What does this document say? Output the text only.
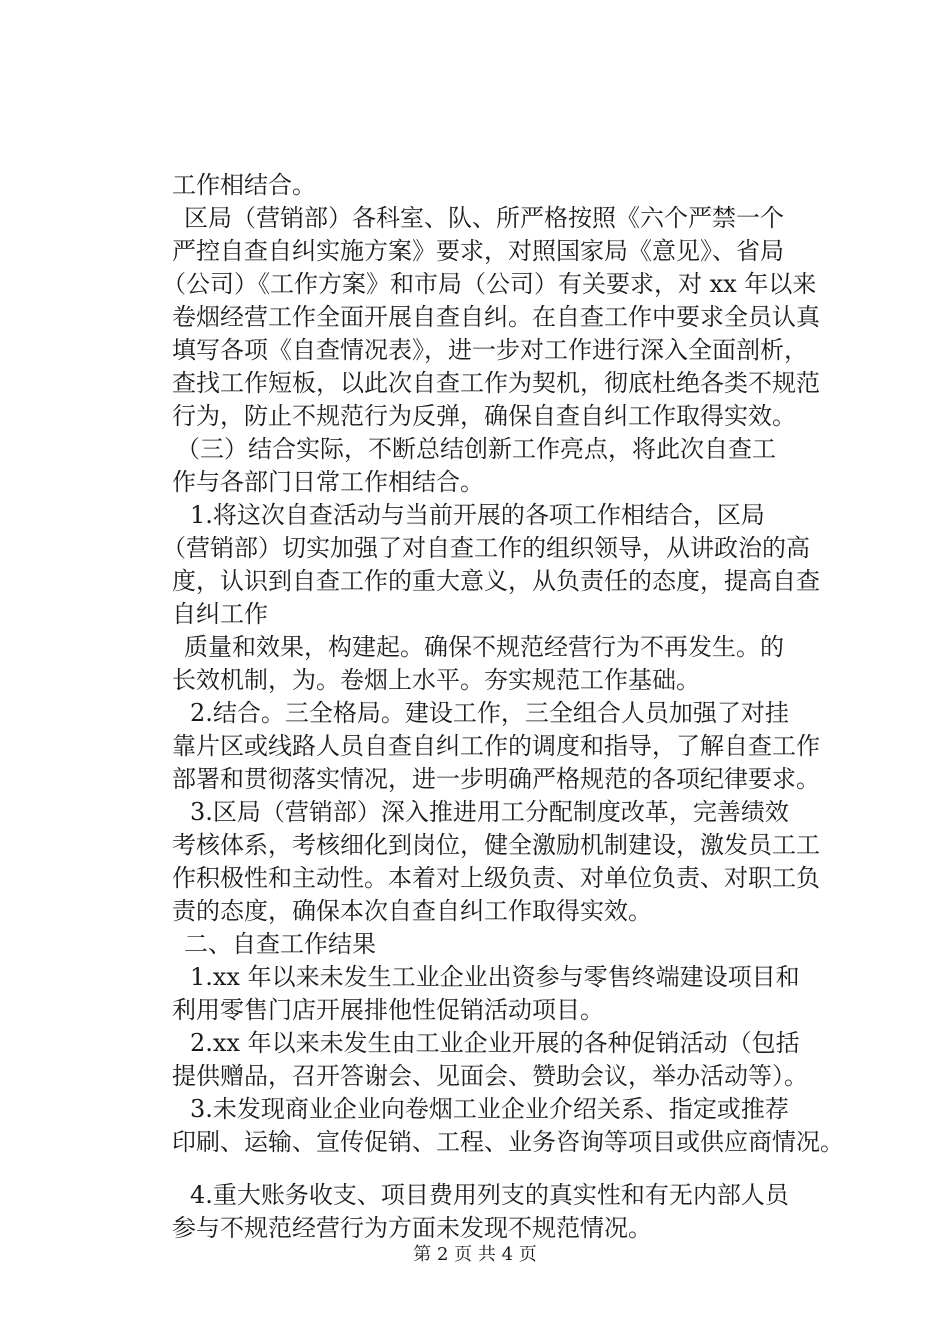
工作相结合。
区局（营销部）各科室、队、所严格按照《六个严禁一个
严控自查自纠实施方案》要求，对照国家局《意见》、省局
（公司）《工作方案》和市局（公司）有关要求，对 xx 年以来
卷烟经营工作全面开展自查自纠。在自查工作中要求全员认真
填写各项《自查情况表》，进一步对工作进行深入全面剖析，
查找工作短板，以此次自查工作为契机，彻底杜绝各类不规范
行为，防止不规范行为反弹，确保自查自纠工作取得实效。
（三）结合实际，不断总结创新工作亮点，将此次自查工
作与各部门日常工作相结合。
1.将这次自查活动与当前开展的各项工作相结合，区局
（营销部）切实加强了对自查工作的组织领导，从讲政治的高
度，认识到自查工作的重大意义，从负责任的态度，提高自查
自纠工作
质量和效果，构建起。确保不规范经营行为不再发生。的
长效机制，为。卷烟上水平。夯实规范工作基础。
2.结合。三全格局。建设工作，三全组合人员加强了对挂
靠片区或线路人员自查自纠工作的调度和指导，了解自查工作
部署和贯彻落实情况，进一步明确严格规范的各项纪律要求。
3.区局（营销部）深入推进用工分配制度改革，完善绩效
考核体系，考核细化到岗位，健全激励机制建设，激发员工工
作积极性和主动性。本着对上级负责、对单位负责、对职工负
责的态度，确保本次自查自纠工作取得实效。
二、自查工作结果
1.xx 年以来未发生工业企业出资参与零售终端建设项目和
利用零售门店开展排他性促销活动项目。
2.xx 年以来未发生由工业企业开展的各种促销活动（包括
提供赠品，召开答谢会、见面会、赞助会议，举办活动等）。
3.未发现商业企业向卷烟工业企业介绍关系、指定或推荐
印刷、运输、宣传促销、工程、业务咨询等项目或供应商情况。
4.重大账务收支、项目费用列支的真实性和有无内部人员
参与不规范经营行为方面未发现不规范情况。
第 2 页 共 4 页
